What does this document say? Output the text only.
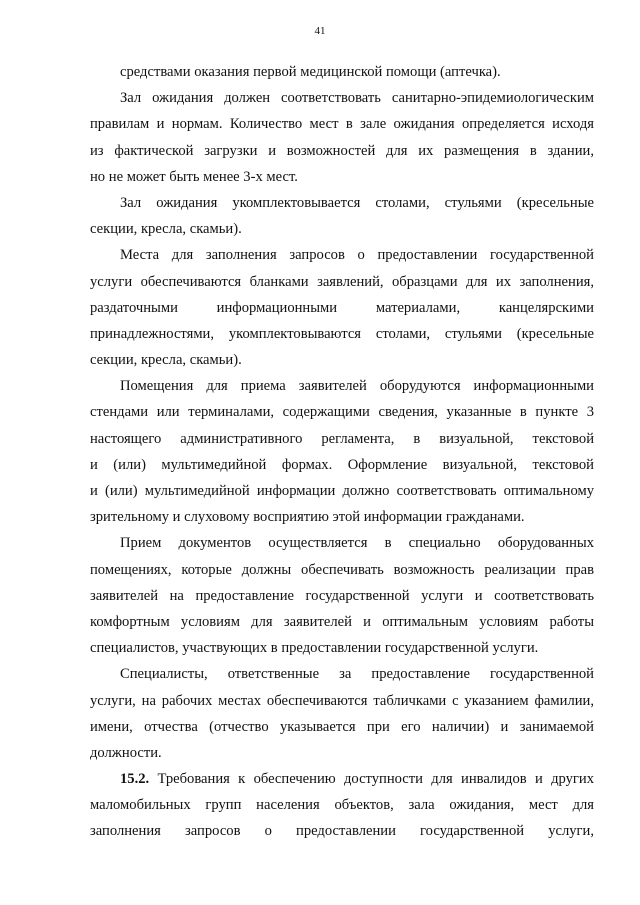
41
средствами оказания первой медицинской помощи (аптечка).
Зал ожидания должен соответствовать санитарно-эпидемиологическим
правилам и нормам. Количество мест в зале ожидания определяется исходя
из фактической загрузки и возможностей для их размещения в здании,
но не может быть менее 3-х мест.
Зал ожидания укомплектовывается столами, стульями (кресельные
секции, кресла, скамьи).
Места для заполнения запросов о предоставлении государственной
услуги обеспечиваются бланками заявлений, образцами для их заполнения,
раздаточными информационными материалами, канцелярскими
принадлежностями, укомплектовываются столами, стульями (кресельные
секции, кресла, скамьи).
Помещения для приема заявителей оборудуются информационными
стендами или терминалами, содержащими сведения, указанные в пункте 3
настоящего административного регламента, в визуальной, текстовой
и (или) мультимедийной формах. Оформление визуальной, текстовой
и (или) мультимедийной информации должно соответствовать оптимальному
зрительному и слуховому восприятию этой информации гражданами.
Прием документов осуществляется в специально оборудованных
помещениях, которые должны обеспечивать возможность реализации прав
заявителей на предоставление государственной услуги и соответствовать
комфортным условиям для заявителей и оптимальным условиям работы
специалистов, участвующих в предоставлении государственной услуги.
Специалисты, ответственные за предоставление государственной
услуги, на рабочих местах обеспечиваются табличками с указанием фамилии,
имени, отчества (отчество указывается при его наличии) и занимаемой
должности.
15.2. Требования к обеспечению доступности для инвалидов и других
маломобильных групп населения объектов, зала ожидания, мест для
заполнения запросов о предоставлении государственной услуги,
